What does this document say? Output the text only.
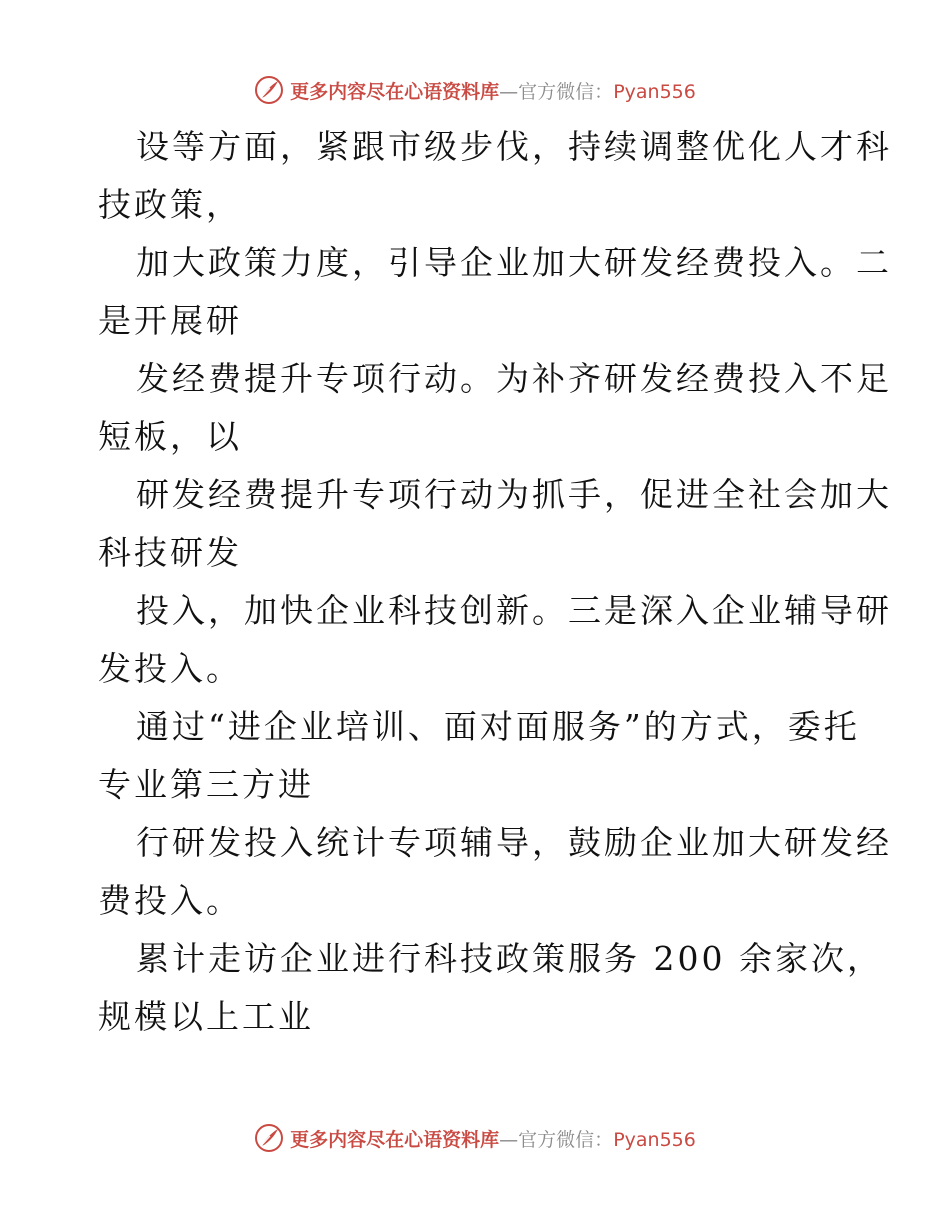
更多内容尽在心语资料库—官方微信：Pyan556
设等方面，紧跟市级步伐，持续调整优化人才科
技政策，
加大政策力度，引导企业加大研发经费投入。二
是开展研
发经费提升专项行动。为补齐研发经费投入不足
短板，以
研发经费提升专项行动为抓手，促进全社会加大
科技研发
投入，加快企业科技创新。三是深入企业辅导研
发投入。
通过“进企业培训、面对面服务”的方式，委托
专业第三方进
行研发投入统计专项辅导，鼓励企业加大研发经
费投入。
累计走访企业进行科技政策服务 200 余家次，
规模以上工业
更多内容尽在心语资料库—官方微信：Pyan556
